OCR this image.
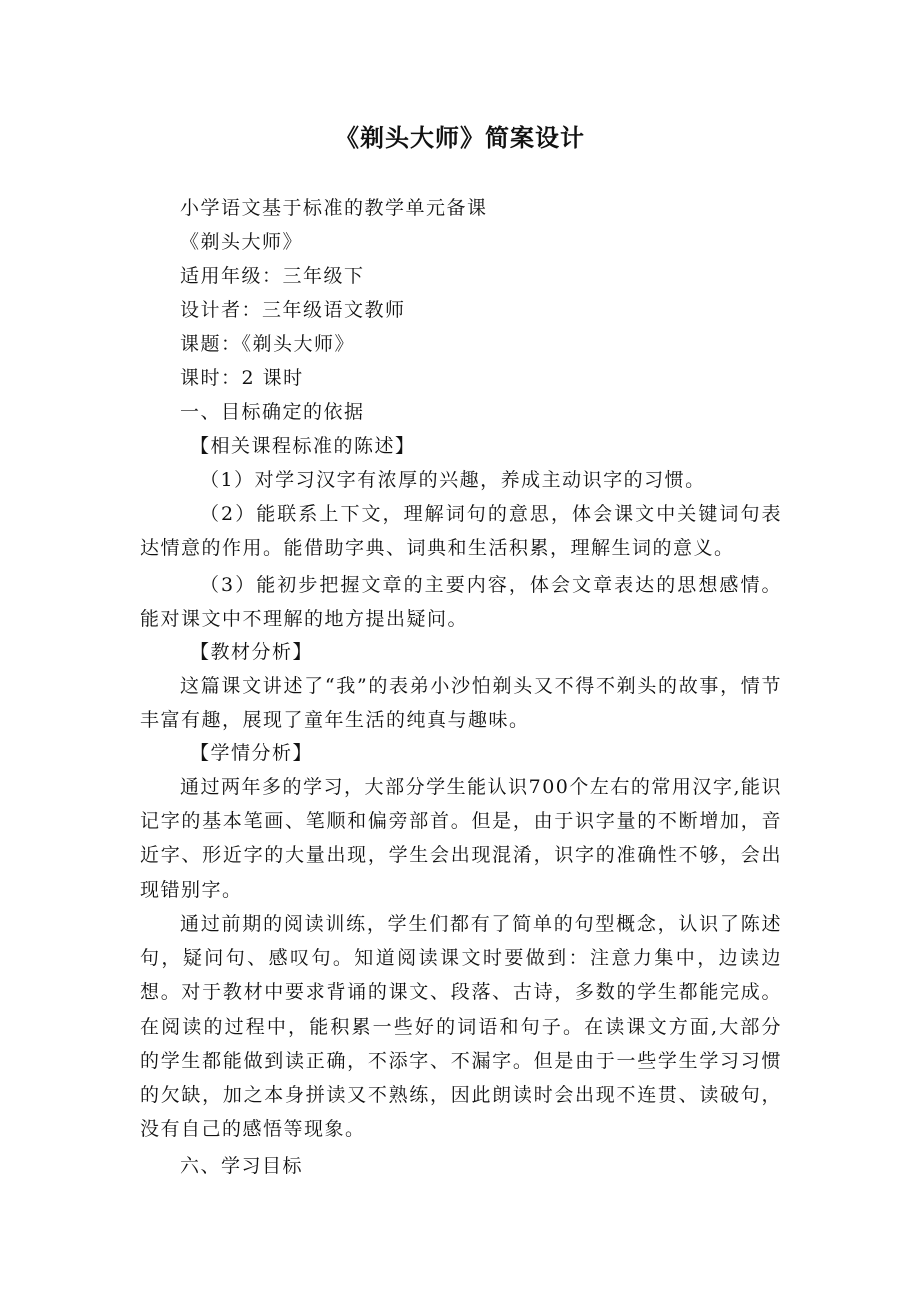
《剃头大师》简案设计
小学语文基于标准的教学单元备课
《剃头大师》
适用年级：三年级下
设计者：三年级语文教师
课题：《剃头大师》
课时：2 课时
一、目标确定的依据
【相关课程标准的陈述】
（1）对学习汉字有浓厚的兴趣，养成主动识字的习惯。

（2）能联系上下文，理解词句的意思，体会课文中关键词句表达情意的作用。能借助字典、词典和生活积累，理解生词的意义。

（3）能初步把握文章的主要内容，体会文章表达的思想感情。能对课文中不理解的地方提出疑问。

【教材分析】

这篇课文讲述了“我”的表弟小沙怕剃头又不得不剃头的故事，情节丰富有趣，展现了童年生活的纯真与趣味。

【学情分析】

通过两年多的学习，大部分学生能认识700个左右的常用汉字,能识记字的基本笔画、笔顺和偏旁部首。但是，由于识字量的不断增加，音近字、形近字的大量出现，学生会出现混淆，识字的准确性不够，会出现错别字。

通过前期的阅读训练，学生们都有了简单的句型概念，认识了陈述句，疑问句、感叹句。知道阅读课文时要做到：注意力集中，边读边想。对于教材中要求背诵的课文、段落、古诗，多数的学生都能完成。在阅读的过程中，能积累一些好的词语和句子。在读课文方面,大部分的学生都能做到读正确，不添字、不漏字。但是由于一些学生学习习惯的欠缺，加之本身拼读又不熟练，因此朗读时会出现不连贯、读破句，没有自己的感悟等现象。

六、学习目标
